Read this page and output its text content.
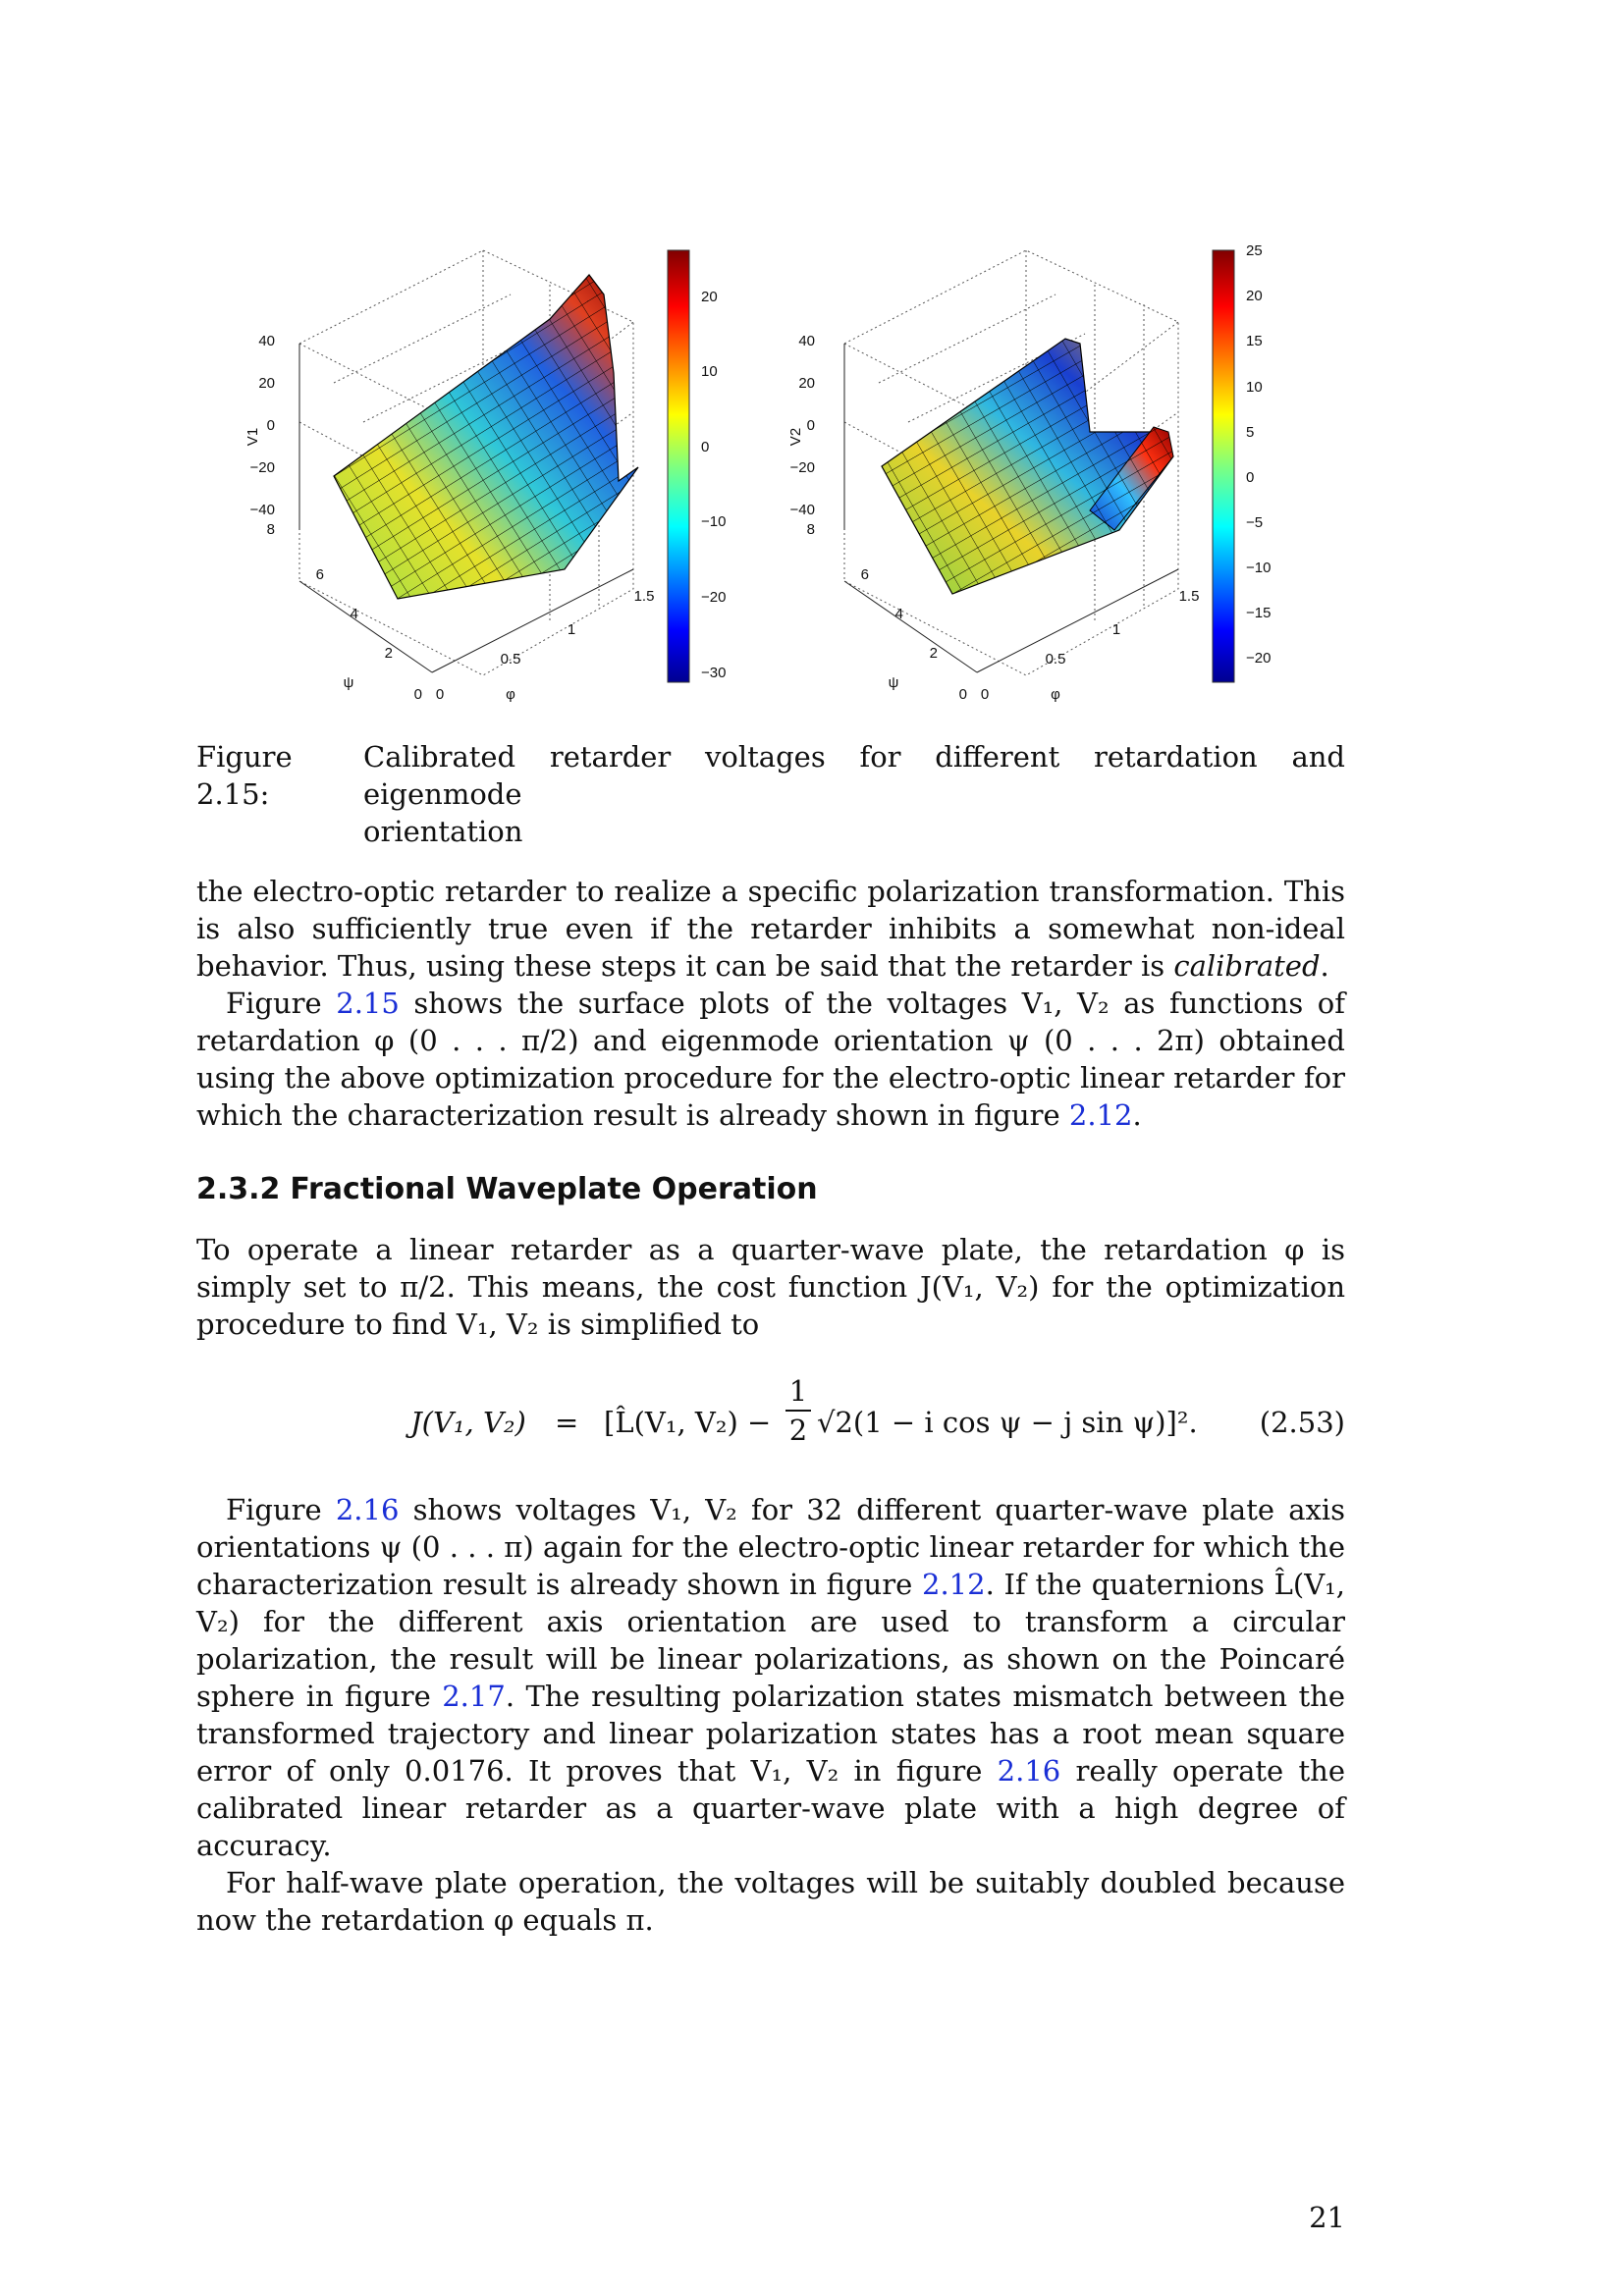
40
20
0
−20
−40
V1
8
6
4
2
0
ψ
0
0.5
1
1.5
φ
20
10
0
−10
−20
−30
40
20
0
−20
−40
V2
8
6
4
2
0
ψ
0
0.5
1
1.5
φ
25
20
15
10
5
0
−5
−10
−15
−20
Figure 2.15:
Calibrated retarder voltages for different retardation and eigenmode
orientation

the electro-optic retarder to realize a specific polarization transformation. This is also sufficiently true even if the retarder inhibits a somewhat non-ideal behavior. Thus, using these steps it can be said that the retarder is calibrated.

Figure 2.15 shows the surface plots of the voltages V₁, V₂ as functions of retardation φ (0 . . . π/2) and eigenmode orientation ψ (0 . . . 2π) obtained using the above optimization procedure for the electro-optic linear retarder for which the characterization result is already shown in figure 2.12.

2.3.2 Fractional Waveplate Operation

To operate a linear retarder as a quarter-wave plate, the retardation φ is simply set to π/2. This means, the cost function J(V₁, V₂) for the optimization procedure to find V₁, V₂ is simplified to

J(V₁, V₂) = [L̂(V₁, V₂) −
1
2 √2(1 − i cos ψ − j sin ψ)]². (2.53)

Figure 2.16 shows voltages V₁, V₂ for 32 different quarter-wave plate axis orientations ψ (0 . . . π) again for the electro-optic linear retarder for which the characterization result is already shown in figure 2.12. If the quaternions L̂(V₁, V₂) for the different axis orientation are used to transform a circular polarization, the result will be linear polarizations, as shown on the Poincaré sphere in figure 2.17. The resulting polarization states mismatch between the transformed trajectory and linear polarization states has a root mean square error of only 0.0176. It proves that V₁, V₂ in figure 2.16 really operate the calibrated linear retarder as a quarter-wave plate with a high degree of accuracy.

For half-wave plate operation, the voltages will be suitably doubled because now the retardation φ equals π.

21
